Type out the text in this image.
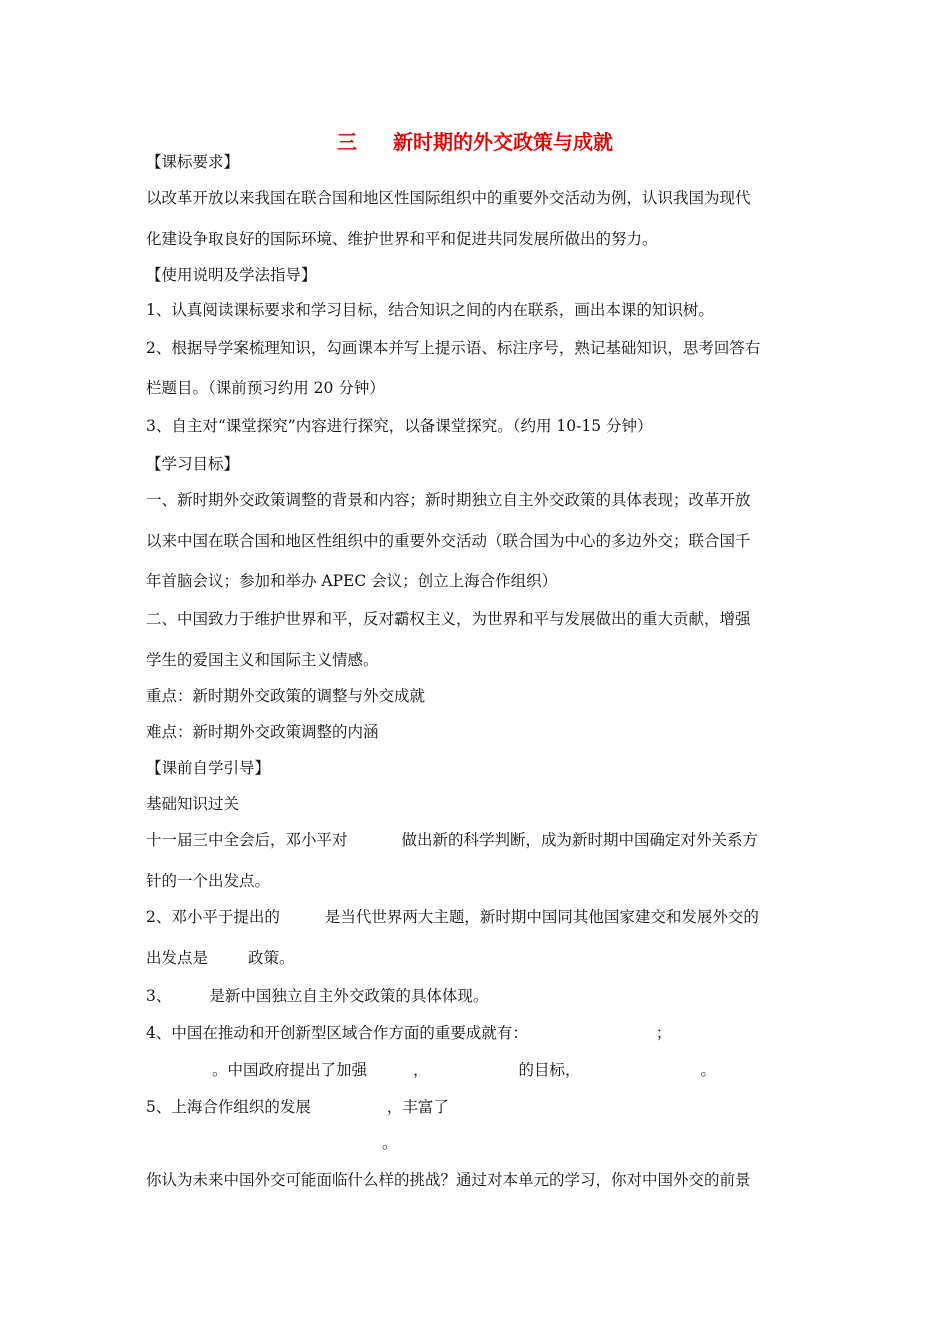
三 新时期的外交政策与成就
【课标要求】
以改革开放以来我国在联合国和地区性国际组织中的重要外交活动为例，认识我国为现代
化建设争取良好的国际环境、维护世界和平和促进共同发展所做出的努力。
【使用说明及学法指导】
1、认真阅读课标要求和学习目标，结合知识之间的内在联系，画出本课的知识树。
2、根据导学案梳理知识，勾画课本并写上提示语、标注序号，熟记基础知识，思考回答右
栏题目。（课前预习约用 20 分钟）
3、自主对“课堂探究”内容进行探究，以备课堂探究。（约用 10-15 分钟）
【学习目标】
一、新时期外交政策调整的背景和内容；新时期独立自主外交政策的具体表现；改革开放
以来中国在联合国和地区性组织中的重要外交活动（联合国为中心的多边外交；联合国千
年首脑会议；参加和举办 APEC 会议；创立上海合作组织）
二、中国致力于维护世界和平，反对霸权主义，为世界和平与发展做出的重大贡献，增强
学生的爱国主义和国际主义情感。
重点：新时期外交政策的调整与外交成就
难点：新时期外交政策调整的内涵
【课前自学引导】
基础知识过关
十一届三中全会后，邓小平对	做出新的科学判断，成为新时期中国确定对外关系方
针的一个出发点。
2、邓小平于提出的	是当代世界两大主题，新时期中国同其他国家建交和发展外交的
出发点是	政策。
3、 是新中国独立自主外交政策的具体体现。
4、中国在推动和开创新型区域合作方面的重要成就有：	；
。中国政府提出了加强	，	的目标，	。
5、上海合作组织的发展	，丰富了
。
你认为未来中国外交可能面临什么样的挑战？通过对本单元的学习，你对中国外交的前景
